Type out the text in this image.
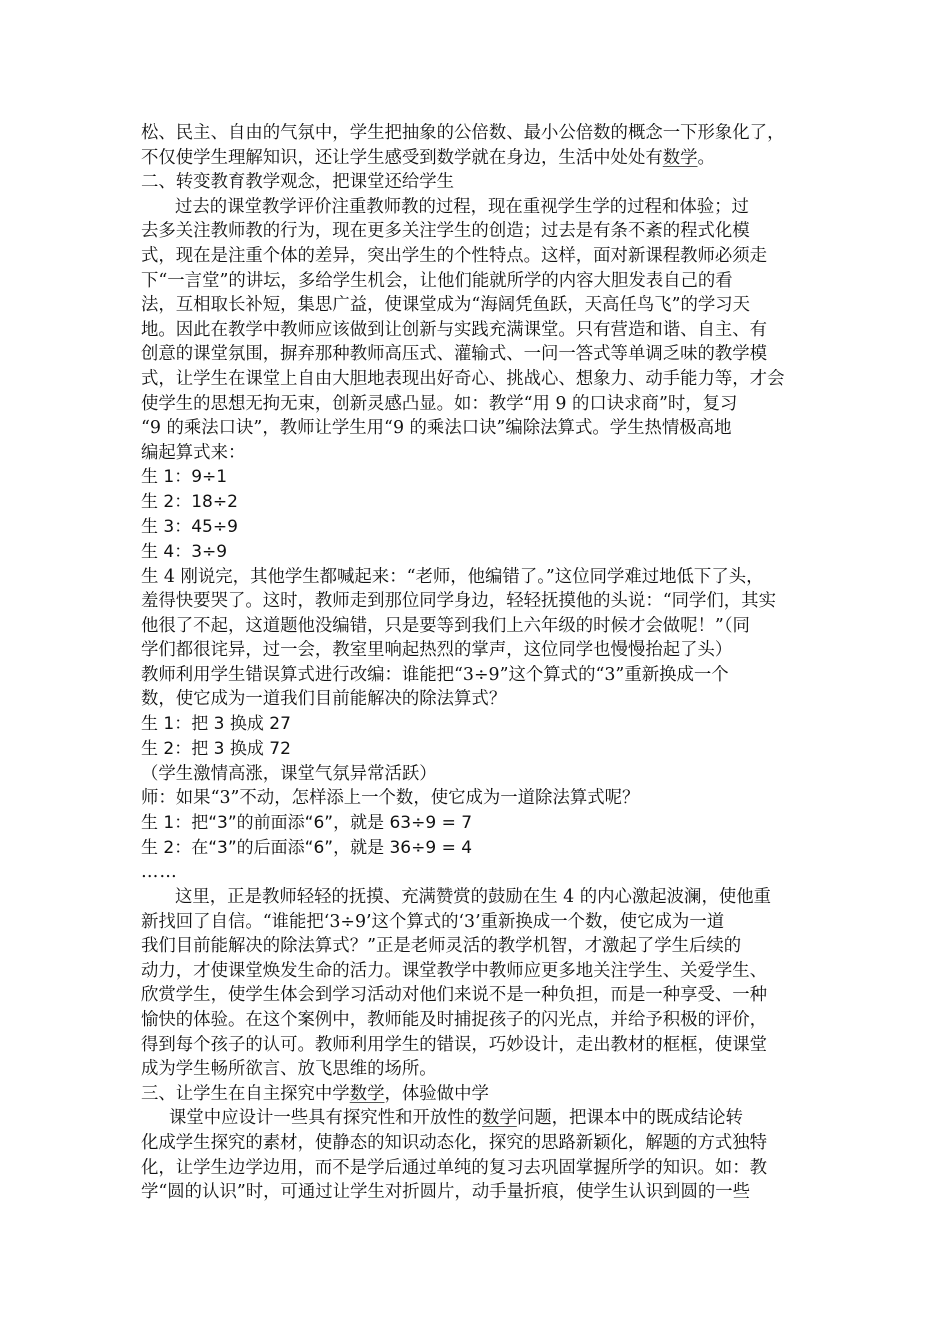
松、民主、自由的气氛中，学生把抽象的公倍数、最小公倍数的概念一下形象化了，
不仅使学生理解知识，还让学生感受到数学就在身边，生活中处处有数学。
二、转变教育教学观念，把课堂还给学生
过去的课堂教学评价注重教师教的过程，现在重视学生学的过程和体验；过
去多关注教师教的行为，现在更多关注学生的创造；过去是有条不紊的程式化模
式，现在是注重个体的差异，突出学生的个性特点。这样，面对新课程教师必须走
下“一言堂”的讲坛，多给学生机会，让他们能就所学的内容大胆发表自己的看
法，互相取长补短，集思广益，使课堂成为“海阔凭鱼跃，天高任鸟飞”的学习天
地。因此在教学中教师应该做到让创新与实践充满课堂。只有营造和谐、自主、有
创意的课堂氛围，摒弃那种教师高压式、灌输式、一问一答式等单调乏味的教学模
式，让学生在课堂上自由大胆地表现出好奇心、挑战心、想象力、动手能力等，才会
使学生的思想无拘无束，创新灵感凸显。如：教学“用 9 的口诀求商”时，复习
“9 的乘法口诀”，教师让学生用“9 的乘法口诀”编除法算式。学生热情极高地
编起算式来：
生 1：9÷1
生 2：18÷2
生 3：45÷9
生 4：3÷9
生 4 刚说完，其他学生都喊起来：“老师，他编错了。”这位同学难过地低下了头，
羞得快要哭了。这时，教师走到那位同学身边，轻轻抚摸他的头说：“同学们，其实
他很了不起，这道题他没编错，只是要等到我们上六年级的时候才会做呢！”（同
学们都很诧异，过一会，教室里响起热烈的掌声，这位同学也慢慢抬起了头）
教师利用学生错误算式进行改编：谁能把“3÷9”这个算式的“3”重新换成一个
数，使它成为一道我们目前能解决的除法算式？
生 1：把 3 换成 27
生 2：把 3 换成 72
（学生激情高涨，课堂气氛异常活跃）
师：如果“3”不动，怎样添上一个数，使它成为一道除法算式呢？
生 1：把“3”的前面添“6”，就是 63÷9 = 7
生 2：在“3”的后面添“6”，就是 36÷9 = 4
……
这里，正是教师轻轻的抚摸、充满赞赏的鼓励在生 4 的内心激起波澜，使他重
新找回了自信。“谁能把‘3÷9’这个算式的‘3’重新换成一个数，使它成为一道
我们目前能解决的除法算式？”正是老师灵活的教学机智，才激起了学生后续的
动力，才使课堂焕发生命的活力。课堂教学中教师应更多地关注学生、关爱学生、
欣赏学生，使学生体会到学习活动对他们来说不是一种负担，而是一种享受、一种
愉快的体验。在这个案例中，教师能及时捕捉孩子的闪光点，并给予积极的评价，
得到每个孩子的认可。教师利用学生的错误，巧妙设计，走出教材的框框，使课堂
成为学生畅所欲言、放飞思维的场所。
三、让学生在自主探究中学数学，体验做中学
课堂中应设计一些具有探究性和开放性的数学问题，把课本中的既成结论转
化成学生探究的素材，使静态的知识动态化，探究的思路新颖化，解题的方式独特
化，让学生边学边用，而不是学后通过单纯的复习去巩固掌握所学的知识。如：教
学“圆的认识”时，可通过让学生对折圆片，动手量折痕，使学生认识到圆的一些
